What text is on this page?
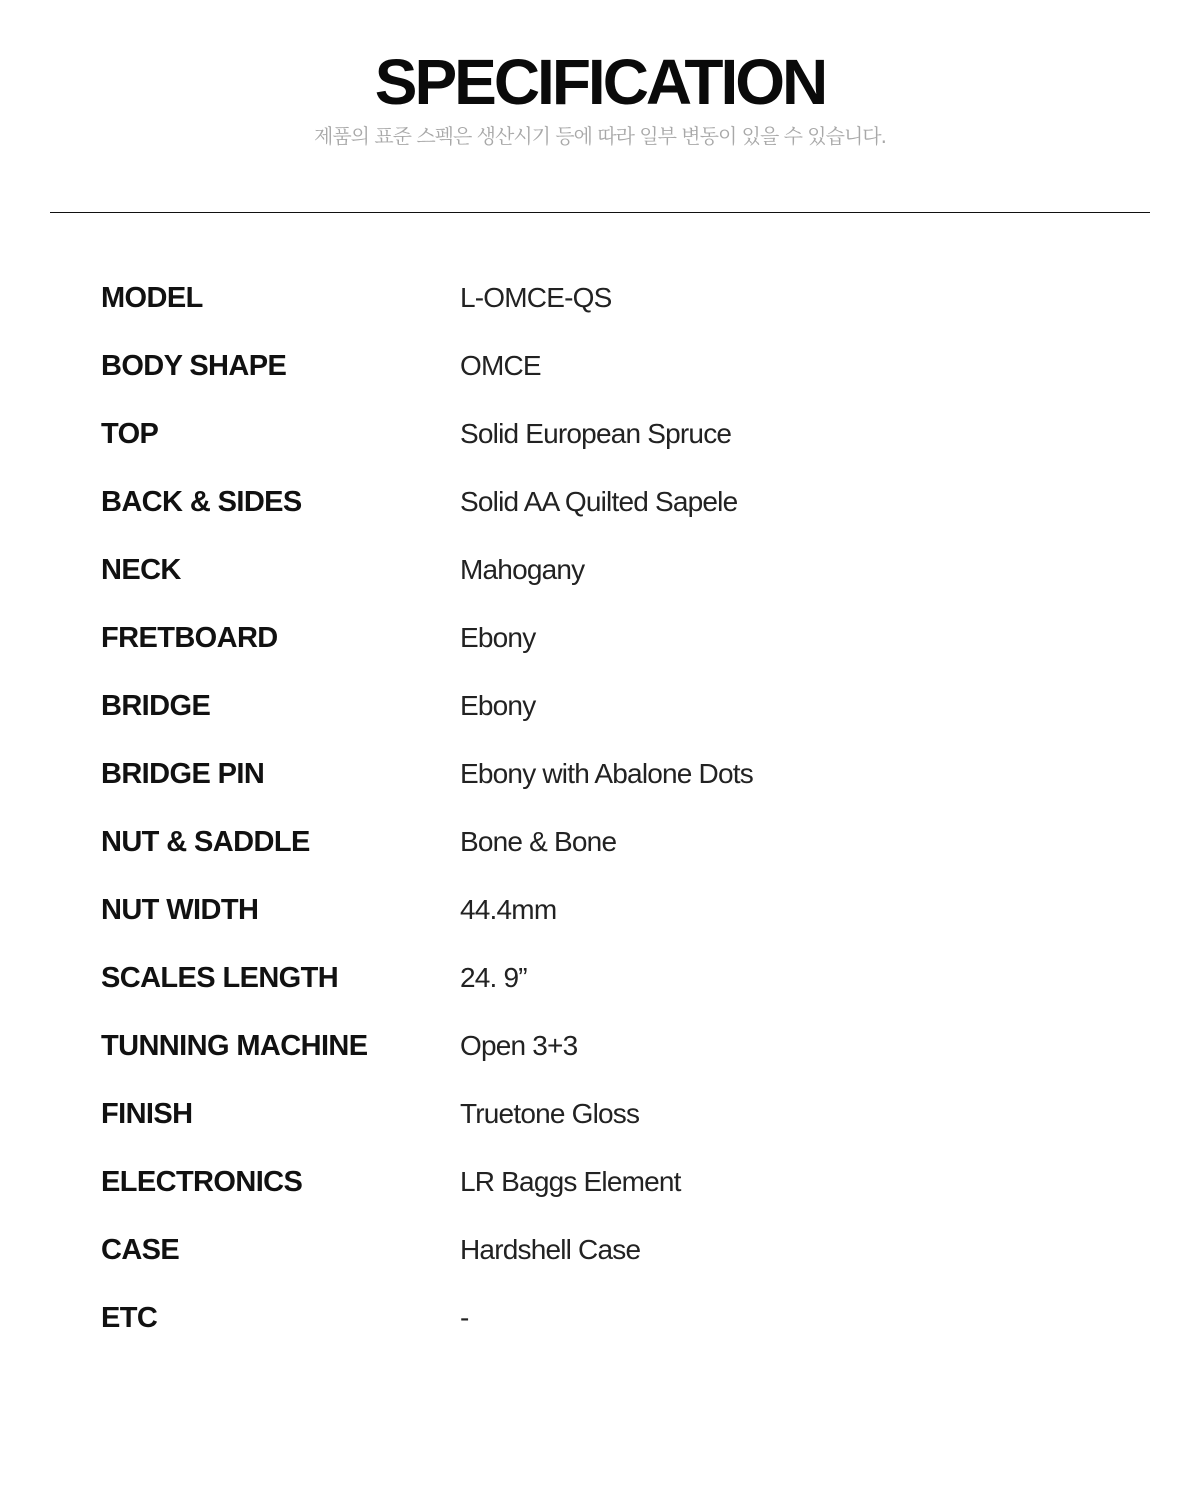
SPECIFICATION
제품의 표준 스펙은 생산시기 등에 따라 일부 변동이 있을 수 있습니다.
MODEL	L-OMCE-QS
BODY SHAPE	OMCE
TOP	Solid European Spruce
BACK & SIDES	Solid AA Quilted Sapele
NECK	Mahogany
FRETBOARD	Ebony
BRIDGE	Ebony
BRIDGE PIN	Ebony with Abalone Dots
NUT & SADDLE	Bone & Bone
NUT WIDTH	44.4mm
SCALES LENGTH	24. 9”
TUNNING MACHINE	Open 3+3
FINISH	Truetone Gloss
ELECTRONICS	LR Baggs Element
CASE	Hardshell Case
ETC	-
